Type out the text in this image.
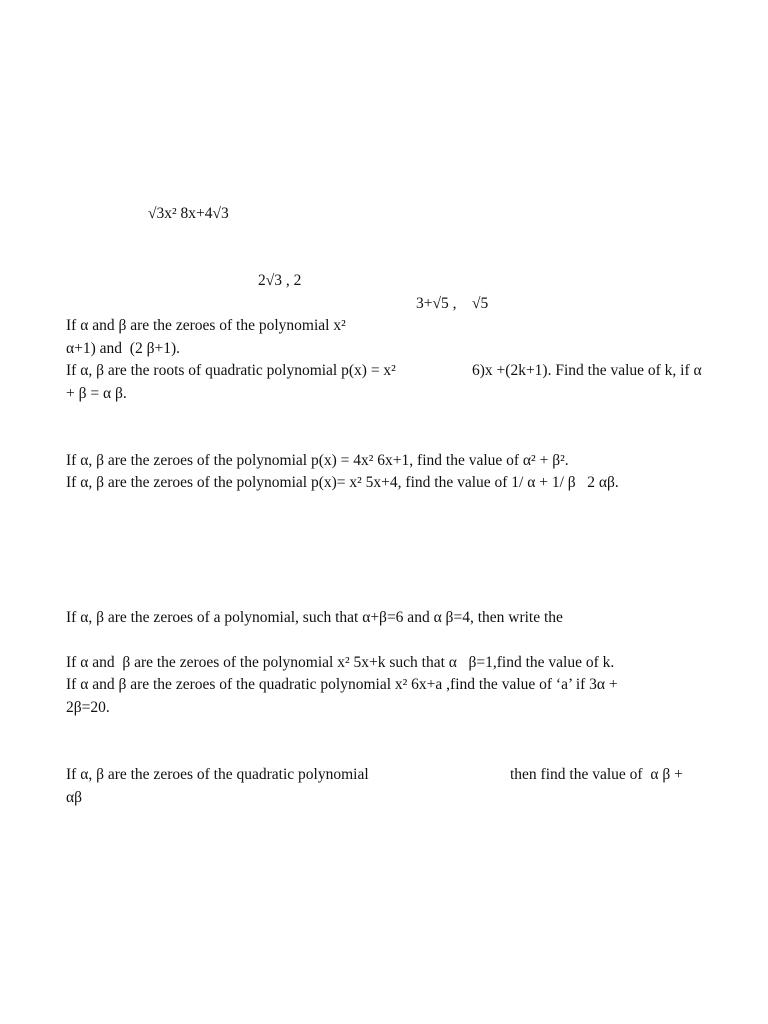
√3x² 8x+4√3
2√3 , 2
3+√5 ,    √5
If α and β are the zeroes of the polynomial x²
α+1) and  (2 β+1).
If α, β are the roots of quadratic polynomial p(x) = x²	6)x +(2k+1). Find the value of k, if α
+ β = α β.
If α, β are the zeroes of the polynomial p(x) = 4x² 6x+1, find the value of α² + β².
If α, β are the zeroes of the polynomial p(x)= x² 5x+4, find the value of 1/ α + 1/ β   2 αβ.
If α, β are the zeroes of a polynomial, such that α+β=6 and α β=4, then write the
If α and  β are the zeroes of the polynomial x² 5x+k such that α   β=1,find the value of k.
If α and β are the zeroes of the quadratic polynomial x² 6x+a ,find the value of ‘a’ if 3α +
2β=20.
If α, β are the zeroes of the quadratic polynomial	then find the value of  α β +
αβ
